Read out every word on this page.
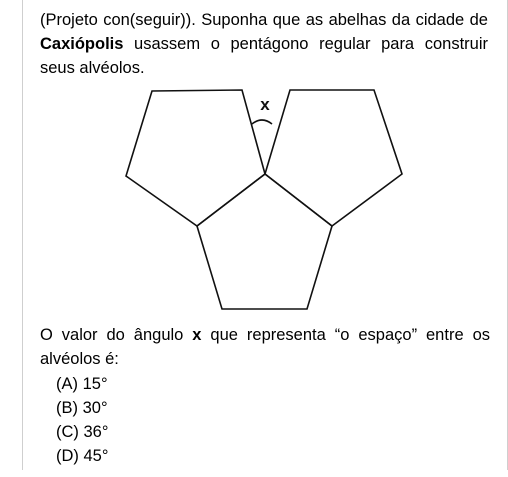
(Projeto con(seguir)). Suponha que as abelhas da cidade de Caxiópolis usassem o pentágono regular para construir seus alvéolos.
x
O valor do ângulo x que representa “o espaço” entre os alvéolos é:
(A) 15°
(B) 30°
(C) 36°
(D) 45°
